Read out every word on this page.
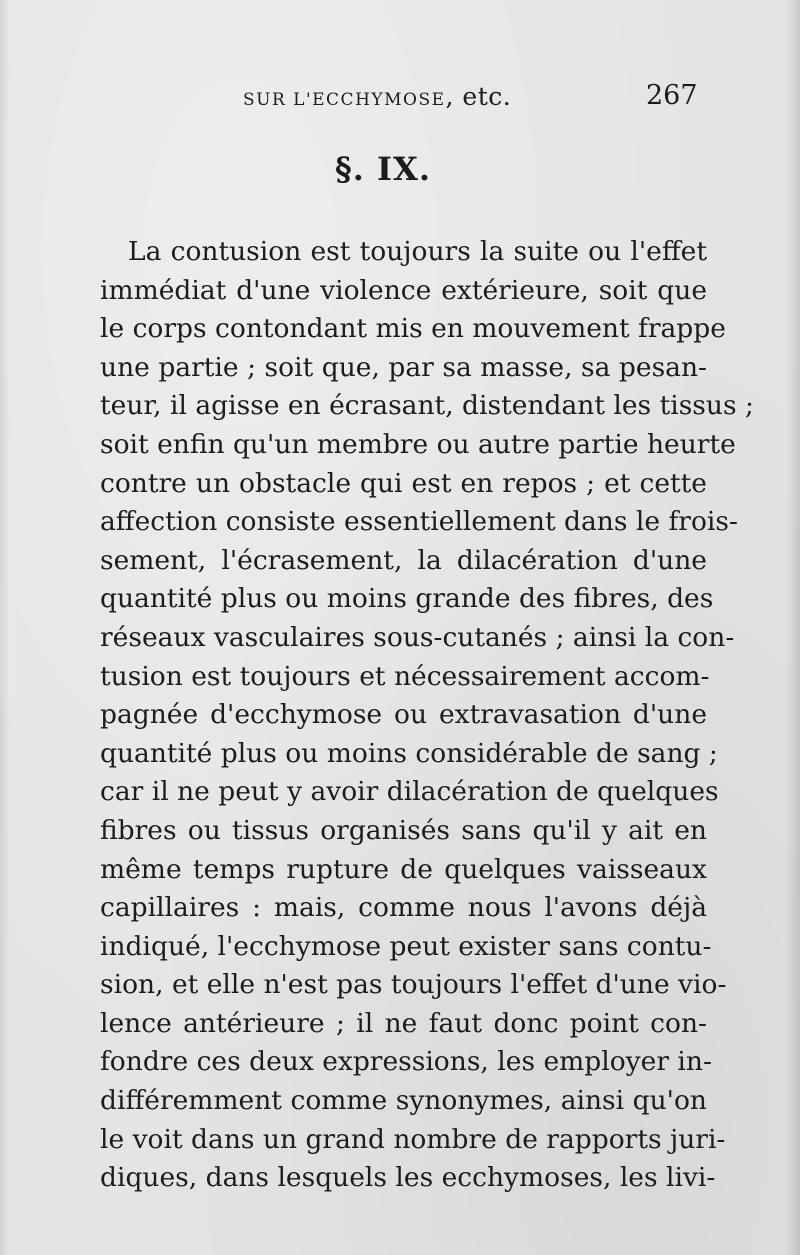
SUR L'ECCHYMOSE, etc.	267
§. IX.
La contusion est toujours la suite ou l'effet
immédiat d'une violence extérieure, soit que
le corps contondant mis en mouvement frappe
une partie ; soit que, par sa masse, sa pesan-
teur, il agisse en écrasant, distendant les tissus ;
soit enfin qu'un membre ou autre partie heurte
contre un obstacle qui est en repos ; et cette
affection consiste essentiellement dans le frois-
sement, l'écrasement, la dilacération d'une
quantité plus ou moins grande des fibres, des
réseaux vasculaires sous-cutanés ; ainsi la con-
tusion est toujours et nécessairement accom-
pagnée d'ecchymose ou extravasation d'une
quantité plus ou moins considérable de sang ;
car il ne peut y avoir dilacération de quelques
fibres ou tissus organisés sans qu'il y ait en
même temps rupture de quelques vaisseaux
capillaires : mais, comme nous l'avons déjà
indiqué, l'ecchymose peut exister sans contu-
sion, et elle n'est pas toujours l'effet d'une vio-
lence antérieure ; il ne faut donc point con-
fondre ces deux expressions, les employer in-
différemment comme synonymes, ainsi qu'on
le voit dans un grand nombre de rapports juri-
diques, dans lesquels les ecchymoses, les livi-
